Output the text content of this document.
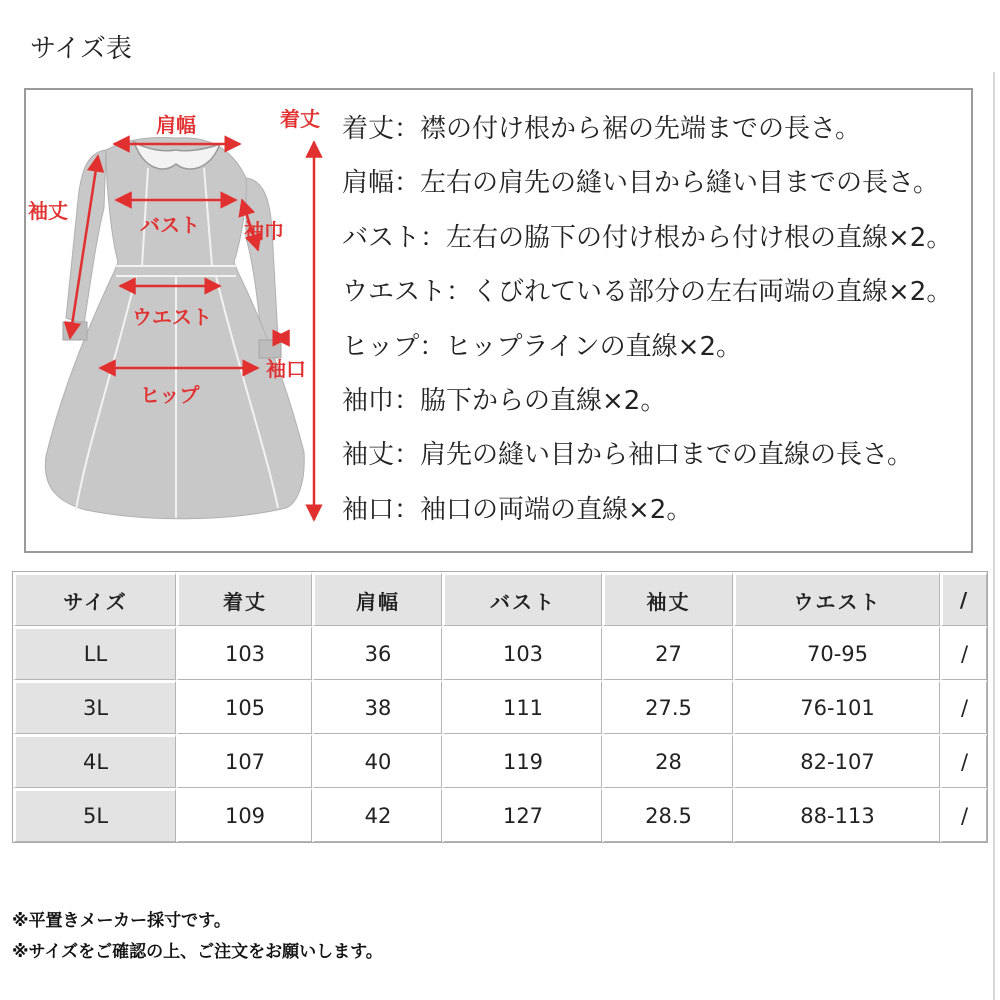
サイズ表
肩幅	着丈
袖丈
バスト 袖巾
ウエスト
袖口
ヒップ
着丈：襟の付け根から裾の先端までの長さ。
肩幅：左右の肩先の縫い目から縫い目までの長さ。
バスト：左右の脇下の付け根から付け根の直線×2。
ウエスト：くびれている部分の左右両端の直線×2。
ヒップ：ヒップラインの直線×2。
袖巾：脇下からの直線×2。
袖丈：肩先の縫い目から袖口までの直線の長さ。
袖口：袖口の両端の直線×2。
サイズ	着丈	肩幅	バスト	袖丈	ウエスト	/
LL	103	36	103	27	70-95	/
3L	105	38	111	27.5	76-101	/
4L	107	40	119	28	82-107	/
5L	109	42	127	28.5	88-113	/
※平置きメーカー採寸です。
※サイズをご確認の上、ご注文をお願いします。
